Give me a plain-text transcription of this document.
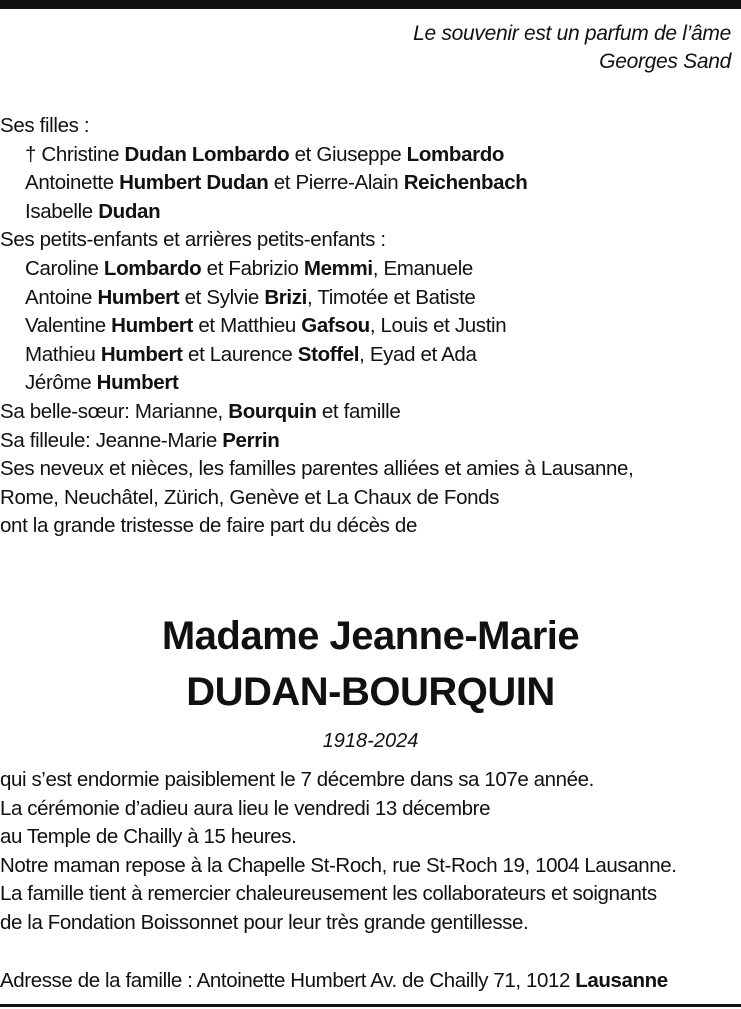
Le souvenir est un parfum de l’âme
Georges Sand
Ses filles :
† Christine Dudan Lombardo et Giuseppe Lombardo
Antoinette Humbert Dudan et Pierre-Alain Reichenbach
Isabelle Dudan
Ses petits-enfants et arrières petits-enfants :
Caroline Lombardo et Fabrizio Memmi, Emanuele
Antoine Humbert et Sylvie Brizi, Timotée et Batiste
Valentine Humbert et Matthieu Gafsou, Louis et Justin
Mathieu Humbert et Laurence Stoffel, Eyad et Ada
Jérôme Humbert
Sa belle-sœur: Marianne, Bourquin et famille
Sa filleule: Jeanne-Marie Perrin
Ses neveux et nièces, les familles parentes alliées et amies à Lausanne,
Rome, Neuchâtel, Zürich, Genève et La Chaux de Fonds
ont la grande tristesse de faire part du décès de
Madame Jeanne-Marie
DUDAN-BOURQUIN
1918-2024
qui s’est endormie paisiblement le 7 décembre dans sa 107e année.
La cérémonie d’adieu aura lieu le vendredi 13 décembre
au Temple de Chailly à 15 heures.
Notre maman repose à la Chapelle St-Roch, rue St-Roch 19, 1004 Lausanne.
La famille tient à remercier chaleureusement les collaborateurs et soignants
de la Fondation Boissonnet pour leur très grande gentillesse.
Adresse de la famille : Antoinette Humbert Av. de Chailly 71, 1012 Lausanne
